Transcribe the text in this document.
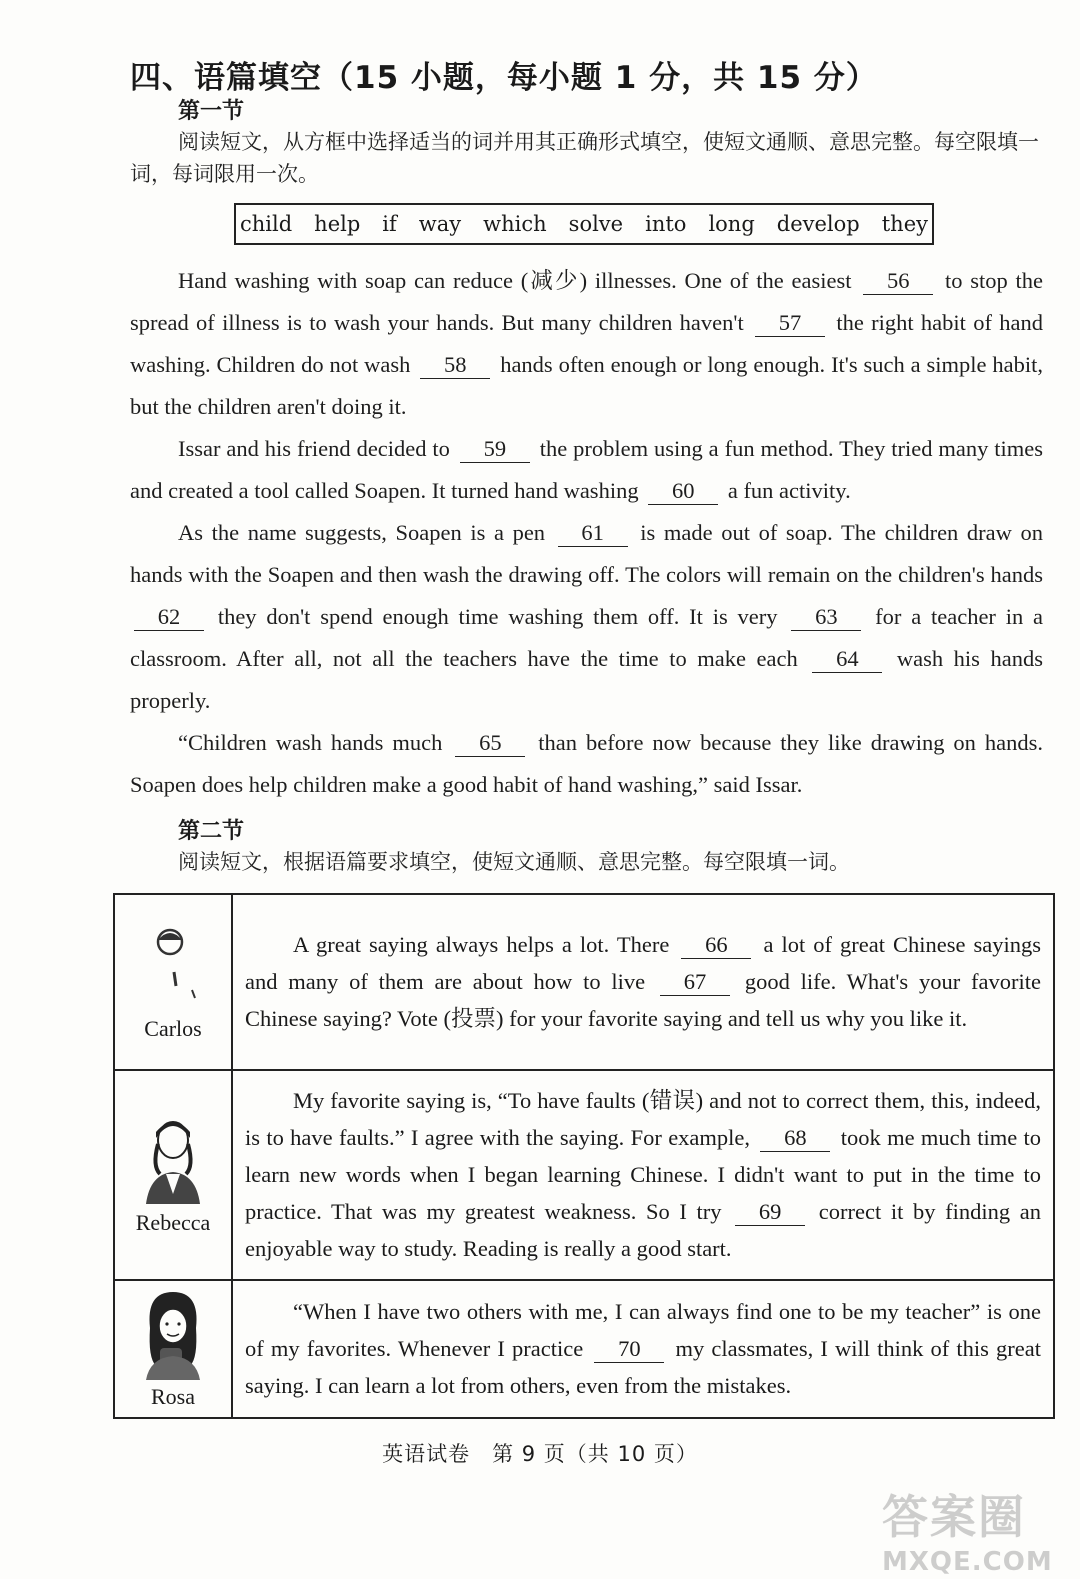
四、语篇填空（15 小题，每小题 1 分，共 15 分）
第一节
阅读短文，从方框中选择适当的词并用其正确形式填空，使短文通顺、意思完整。每空限填一词，每词限用一次。
child help if way which solve into long develop they

Hand washing with soap can reduce (减少) illnesses. One of the easiest 56 to stop the spread of illness is to wash your hands. But many children haven't 57 the right habit of hand washing. Children do not wash 58 hands often enough or long enough. It's such a simple habit, but the children aren't doing it.

Issar and his friend decided to 59 the problem using a fun method. They tried many times and created a tool called Soapen. It turned hand washing 60 a fun activity.

As the name suggests, Soapen is a pen 61 is made out of soap. The children draw on hands with the Soapen and then wash the drawing off. The colors will remain on the children's hands 62 they don't spend enough time washing them off. It is very 63 for a teacher in a classroom. After all, not all the teachers have the time to make each 64 wash his hands properly.

“Children wash hands much 65 than before now because they like drawing on hands. Soapen does help children make a good habit of hand washing,” said Issar.

第二节
阅读短文，根据语篇要求填空，使短文通顺、意思完整。每空限填一词。
Carlos	A great saying always helps a lot. There 66 a lot of great Chinese sayings and many of them are about how to live 67 good life. What's your favorite Chinese saying? Vote (投票) for your favorite saying and tell us why you like it.

Rebecca	My favorite saying is, “To have faults (错误) and not to correct them, this, indeed, is to have faults.” I agree with the saying. For example, 68 took me much time to learn new words when I began learning Chinese. I didn't want to put in the time to practice. That was my greatest weakness. So I try 69 correct it by finding an enjoyable way to study. Reading is really a good start.

Rosa	“When I have two others with me, I can always find one to be my teacher” is one of my favorites. Whenever I practice 70 my classmates, I will think of this great saying. I can learn a lot from others, even from the mistakes.

英语试卷　第 9 页（共 10 页）
答案圈
MXQE.COM
